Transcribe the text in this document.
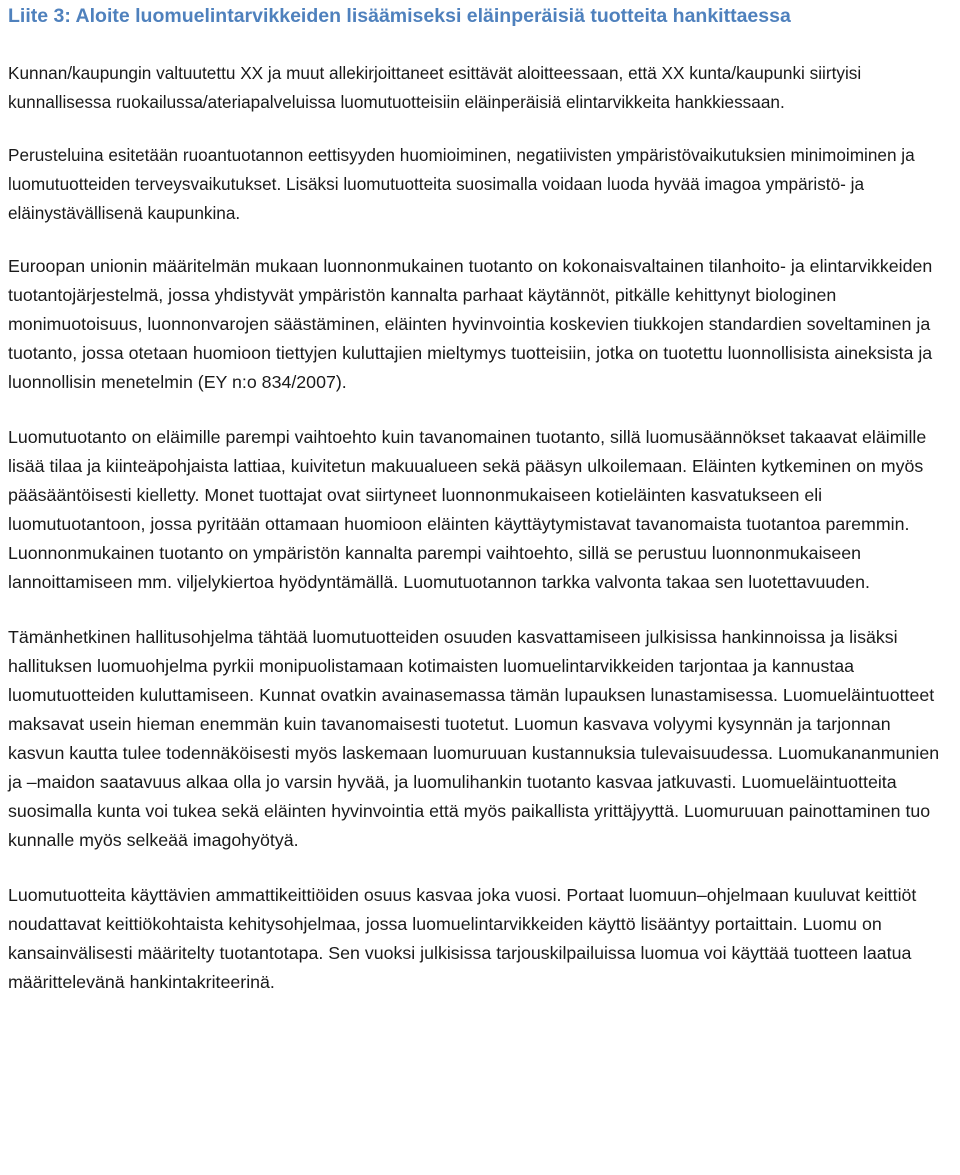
Liite 3: Aloite luomuelintarvikkeiden lisäämiseksi eläinperäisiä tuotteita hankittaessa

Kunnan/kaupungin valtuutettu XX ja muut allekirjoittaneet esittävät aloitteessaan, että XX kunta/kaupunki siirtyisi kunnallisessa ruokailussa/ateriapalveluissa luomutuotteisiin eläinperäisiä elintarvikkeita hankkiessaan.

Perusteluina esitetään ruoantuotannon eettisyyden huomioiminen, negatiivisten ympäristövaikutuksien minimoiminen ja luomutuotteiden terveysvaikutukset. Lisäksi luomutuotteita suosimalla voidaan luoda hyvää imagoa ympäristö- ja eläinystävällisenä kaupunkina.

Euroopan unionin määritelmän mukaan luonnonmukainen tuotanto on kokonaisvaltainen tilanhoito- ja elintarvikkeiden tuotantojärjestelmä, jossa yhdistyvät ympäristön kannalta parhaat käytännöt, pitkälle kehittynyt biologinen monimuotoisuus, luonnonvarojen säästäminen, eläinten hyvinvointia koskevien tiukkojen standardien soveltaminen ja tuotanto, jossa otetaan huomioon tiettyjen kuluttajien mieltymys tuotteisiin, jotka on tuotettu luonnollisista aineksista ja luonnollisin menetelmin (EY n:o 834/2007).

Luomutuotanto on eläimille parempi vaihtoehto kuin tavanomainen tuotanto, sillä luomusäännökset takaavat eläimille lisää tilaa ja kiinteäpohjaista lattiaa, kuivitetun makuualueen sekä pääsyn ulkoilemaan. Eläinten kytkeminen on myös pääsääntöisesti kielletty. Monet tuottajat ovat siirtyneet luonnonmukaiseen kotieläinten kasvatukseen eli luomutuotantoon, jossa pyritään ottamaan huomioon eläinten käyttäytymistavat tavanomaista tuotantoa paremmin. Luonnonmukainen tuotanto on ympäristön kannalta parempi vaihtoehto, sillä se perustuu luonnonmukaiseen lannoittamiseen mm. viljelykiertoa hyödyntämällä. Luomutuotannon tarkka valvonta takaa sen luotettavuuden.

Tämänhetkinen hallitusohjelma tähtää luomutuotteiden osuuden kasvattamiseen julkisissa hankinnoissa ja lisäksi hallituksen luomuohjelma pyrkii monipuolistamaan kotimaisten luomuelintarvikkeiden tarjontaa ja kannustaa luomutuotteiden kuluttamiseen. Kunnat ovatkin avainasemassa tämän lupauksen lunastamisessa. Luomueläintuotteet maksavat usein hieman enemmän kuin tavanomaisesti tuotetut. Luomun kasvava volyymi kysynnän ja tarjonnan kasvun kautta tulee todennäköisesti myös laskemaan luomuruuan kustannuksia tulevaisuudessa. Luomukananmunien ja –maidon saatavuus alkaa olla jo varsin hyvää, ja luomulihankin tuotanto kasvaa jatkuvasti. Luomueläintuotteita suosimalla kunta voi tukea sekä eläinten hyvinvointia että myös paikallista yrittäjyyttä. Luomuruuan painottaminen tuo kunnalle myös selkeää imagohyötyä.

Luomutuotteita käyttävien ammattikeittiöiden osuus kasvaa joka vuosi. Portaat luomuun–ohjelmaan kuuluvat keittiöt noudattavat keittiökohtaista kehitysohjelmaa, jossa luomuelintarvikkeiden käyttö lisääntyy portaittain. Luomu on kansainvälisesti määritelty tuotantotapa. Sen vuoksi julkisissa tarjouskilpailuissa luomua voi käyttää tuotteen laatua määrittelevänä hankintakriteerinä.
